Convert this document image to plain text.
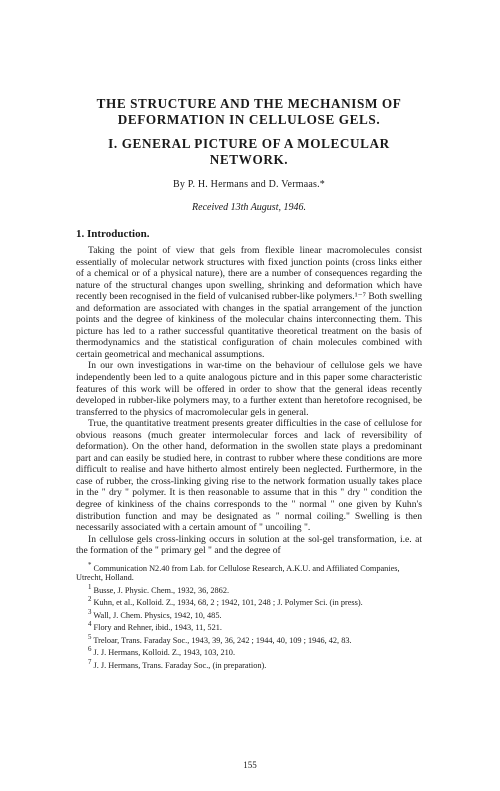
THE STRUCTURE AND THE MECHANISM OF DEFORMATION IN CELLULOSE GELS.
I. GENERAL PICTURE OF A MOLECULAR NETWORK.
By P. H. Hermans and D. Vermaas.*
Received 13th August, 1946.
1. Introduction.

Taking the point of view that gels from flexible linear macromolecules consist essentially of molecular network structures with fixed junction points (cross links either of a chemical or of a physical nature), there are a number of consequences regarding the nature of the structural changes upon swelling, shrinking and deformation which have recently been recognised in the field of vulcanised rubber-like polymers.¹⁻⁷ Both swelling and deformation are associated with changes in the spatial arrangement of the junction points and the degree of kinkiness of the molecular chains interconnecting them. This picture has led to a rather successful quantitative theoretical treatment on the basis of thermodynamics and the statistical configuration of chain molecules combined with certain geometrical and mechanical assumptions.

In our own investigations in war-time on the behaviour of cellulose gels we have independently been led to a quite analogous picture and in this paper some characteristic features of this work will be offered in order to show that the general ideas recently developed in rubber-like polymers may, to a further extent than heretofore recognised, be transferred to the physics of macromolecular gels in general.

True, the quantitative treatment presents greater difficulties in the case of cellulose for obvious reasons (much greater intermolecular forces and lack of reversibility of deformation). On the other hand, deformation in the swollen state plays a predominant part and can easily be studied here, in contrast to rubber where these conditions are more difficult to realise and have hitherto almost entirely been neglected. Furthermore, in the case of rubber, the cross-linking giving rise to the network formation usually takes place in the " dry " polymer. It is then reasonable to assume that in this " dry " condition the degree of kinkiness of the chains corresponds to the " normal " one given by Kuhn's distribution function and may be designated as " normal coiling." Swelling is then necessarily associated with a certain amount of " uncoiling ".

In cellulose gels cross-linking occurs in solution at the sol-gel transformation, i.e. at the formation of the " primary gel " and the degree of

* Communication N2.40 from Lab. for Cellulose Research, A.K.U. and Affiliated Companies, Utrecht, Holland.

$^1$ Busse, J. Physic. Chem., 1932, 36, 2862.

$^2$ Kuhn, et al., Kolloid. Z., 1934, 68, 2 ; 1942, 101, 248 ; J. Polymer Sci. (in press).

$^3$ Wall, J. Chem. Physics, 1942, 10, 485.

$^4$ Flory and Rehner, ibid., 1943, 11, 521.

$^5$ Treloar, Trans. Faraday Soc., 1943, 39, 36, 242 ; 1944, 40, 109 ; 1946, 42, 83.

$^6$ J. J. Hermans, Kolloid. Z., 1943, 103, 210.

$^7$ J. J. Hermans, Trans. Faraday Soc., (in preparation).

155
